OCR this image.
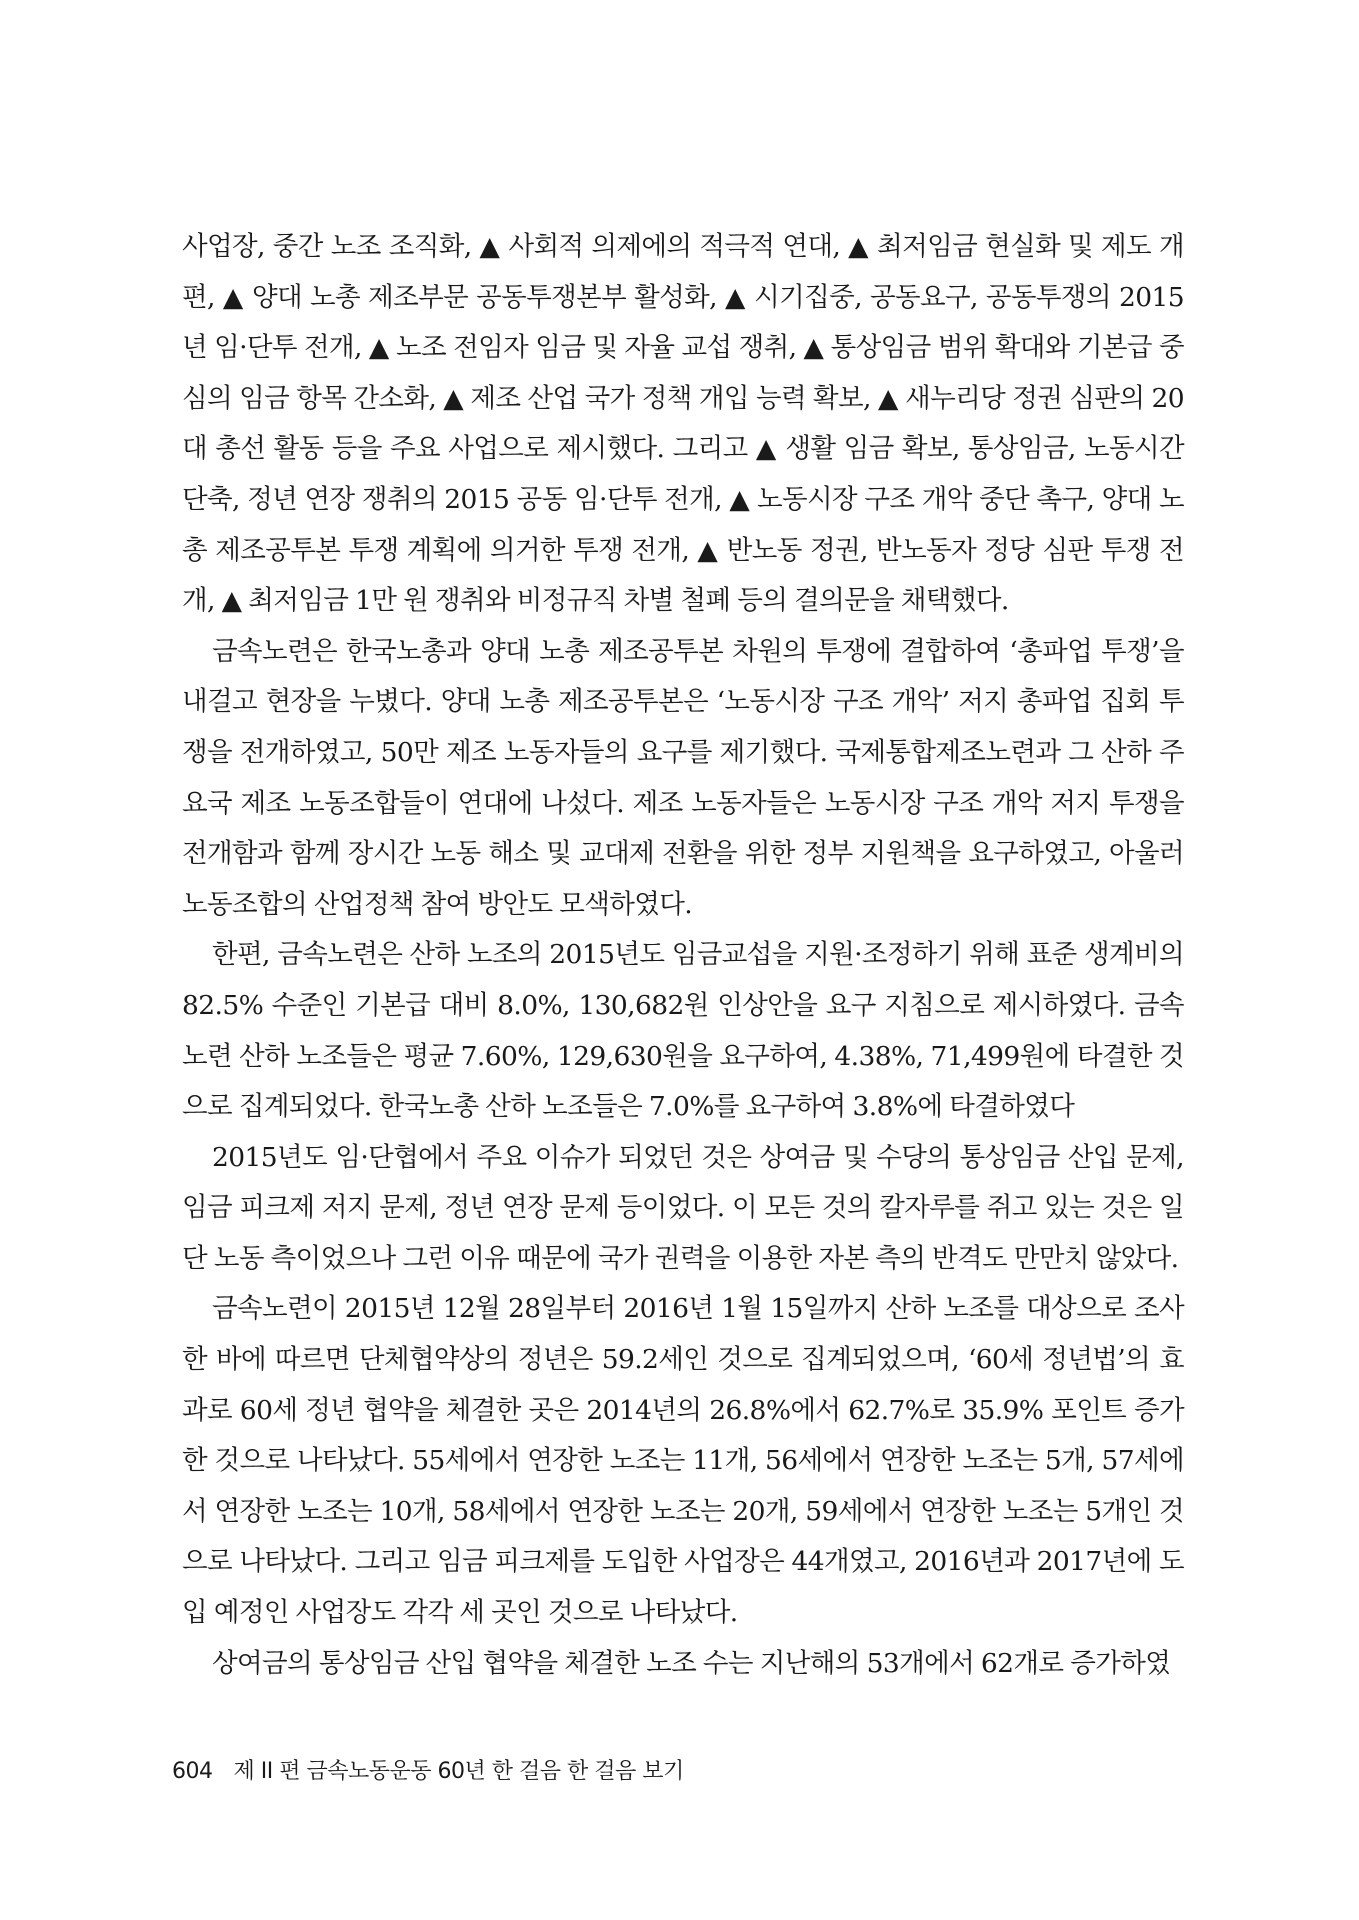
사업장, 중간 노조 조직화, ▲ 사회적 의제에의 적극적 연대, ▲ 최저임금 현실화 및 제도 개편, ▲ 양대 노총 제조부문 공동투쟁본부 활성화, ▲ 시기집중, 공동요구, 공동투쟁의 2015년 임·단투 전개, ▲ 노조 전임자 임금 및 자율 교섭 쟁취, ▲ 통상임금 범위 확대와 기본급 중심의 임금 항목 간소화, ▲ 제조 산업 국가 정책 개입 능력 확보, ▲ 새누리당 정권 심판의 20대 총선 활동 등을 주요 사업으로 제시했다. 그리고 ▲ 생활 임금 확보, 통상임금, 노동시간 단축, 정년 연장 쟁취의 2015 공동 임·단투 전개, ▲ 노동시장 구조 개악 중단 촉구, 양대 노총 제조공투본 투쟁 계획에 의거한 투쟁 전개, ▲ 반노동 정권, 반노동자 정당 심판 투쟁 전개, ▲ 최저임금 1만 원 쟁취와 비정규직 차별 철폐 등의 결의문을 채택했다.

금속노련은 한국노총과 양대 노총 제조공투본 차원의 투쟁에 결합하여 ‘총파업 투쟁’을 내걸고 현장을 누볐다. 양대 노총 제조공투본은 ‘노동시장 구조 개악’ 저지 총파업 집회 투쟁을 전개하였고, 50만 제조 노동자들의 요구를 제기했다. 국제통합제조노련과 그 산하 주요국 제조 노동조합들이 연대에 나섰다. 제조 노동자들은 노동시장 구조 개악 저지 투쟁을 전개함과 함께 장시간 노동 해소 및 교대제 전환을 위한 정부 지원책을 요구하였고, 아울러 노동조합의 산업정책 참여 방안도 모색하였다.

한편, 금속노련은 산하 노조의 2015년도 임금교섭을 지원·조정하기 위해 표준 생계비의 82.5% 수준인 기본급 대비 8.0%, 130,682원 인상안을 요구 지침으로 제시하였다. 금속노련 산하 노조들은 평균 7.60%, 129,630원을 요구하여, 4.38%, 71,499원에 타결한 것으로 집계되었다. 한국노총 산하 노조들은 7.0%를 요구하여 3.8%에 타결하였다

2015년도 임·단협에서 주요 이슈가 되었던 것은 상여금 및 수당의 통상임금 산입 문제, 임금 피크제 저지 문제, 정년 연장 문제 등이었다. 이 모든 것의 칼자루를 쥐고 있는 것은 일단 노동 측이었으나 그런 이유 때문에 국가 권력을 이용한 자본 측의 반격도 만만치 않았다.

금속노련이 2015년 12월 28일부터 2016년 1월 15일까지 산하 노조를 대상으로 조사한 바에 따르면 단체협약상의 정년은 59.2세인 것으로 집계되었으며, ‘60세 정년법’의 효과로 60세 정년 협약을 체결한 곳은 2014년의 26.8%에서 62.7%로 35.9% 포인트 증가한 것으로 나타났다. 55세에서 연장한 노조는 11개, 56세에서 연장한 노조는 5개, 57세에서 연장한 노조는 10개, 58세에서 연장한 노조는 20개, 59세에서 연장한 노조는 5개인 것으로 나타났다. 그리고 임금 피크제를 도입한 사업장은 44개였고, 2016년과 2017년에 도입 예정인 사업장도 각각 세 곳인 것으로 나타났다.

상여금의 통상임금 산입 협약을 체결한 노조 수는 지난해의 53개에서 62개로 증가하였

604 제 II 편 금속노동운동 60년 한 걸음 한 걸음 보기
